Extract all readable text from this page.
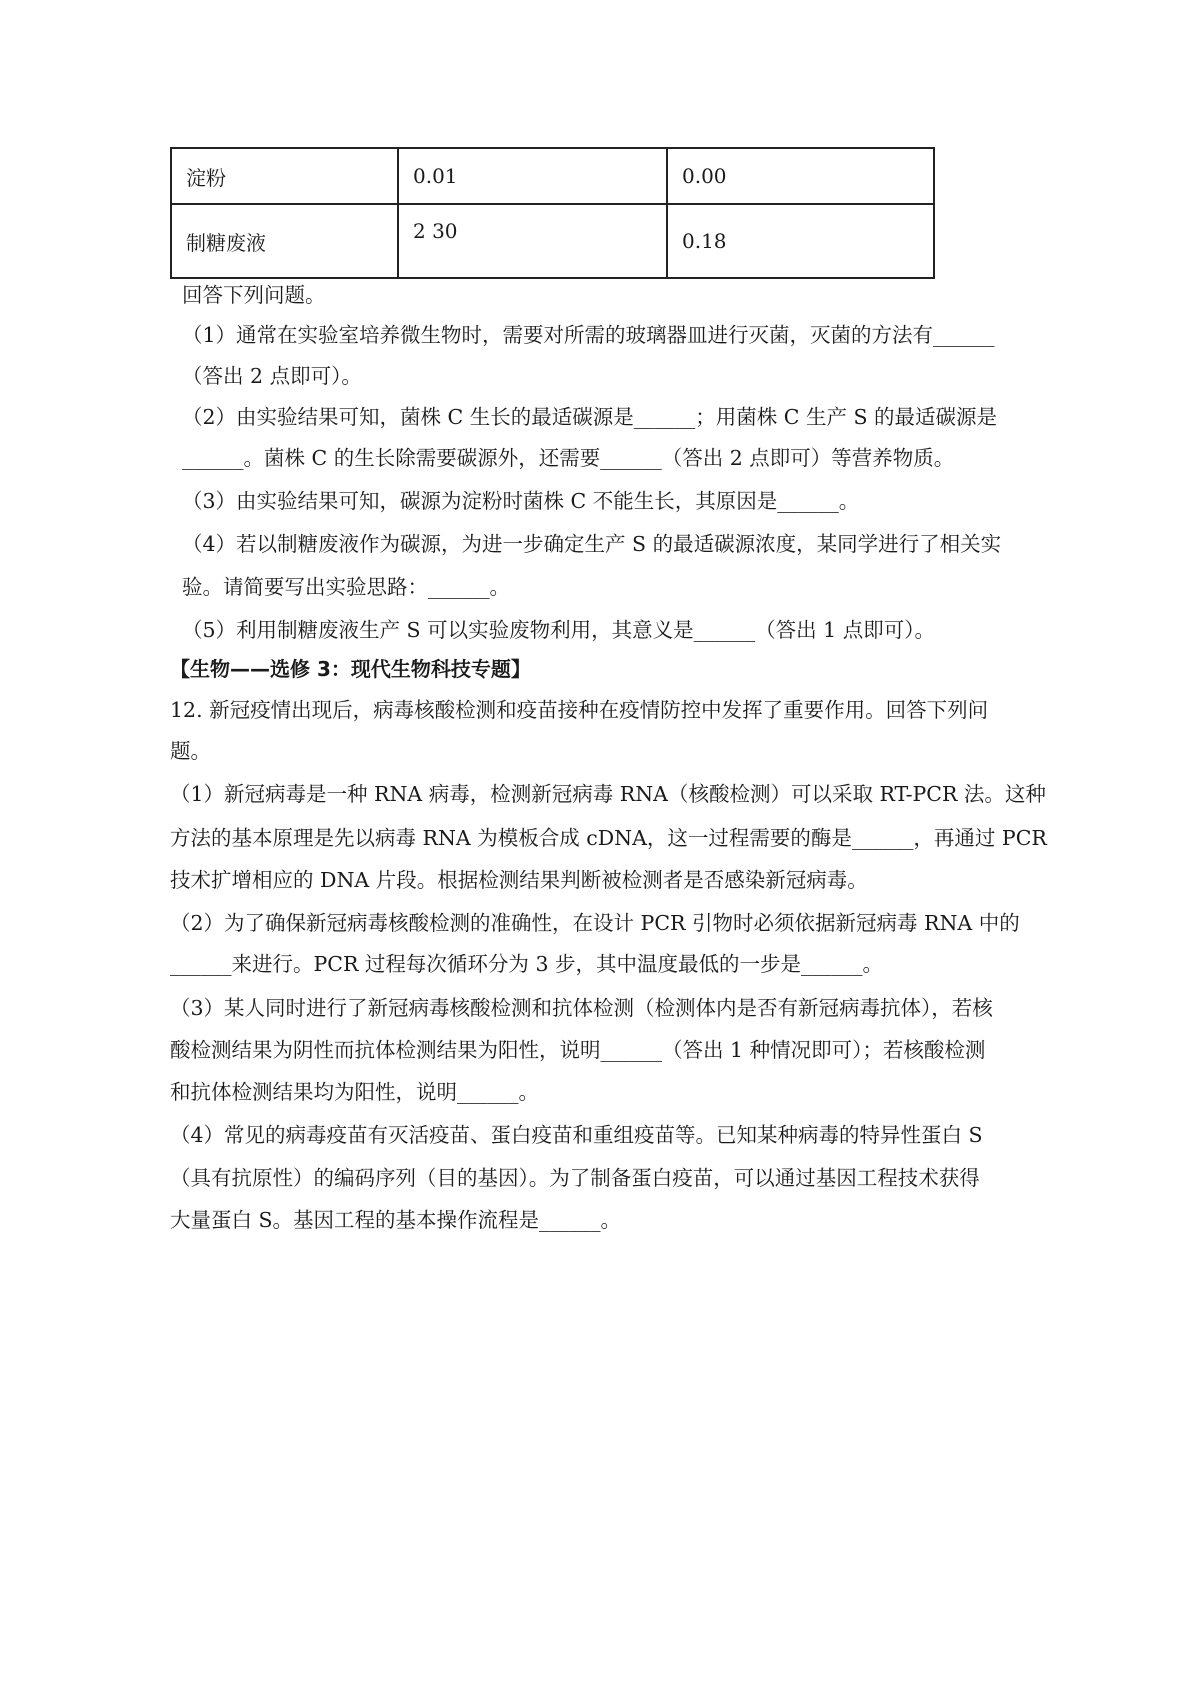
淀粉	0.01	0.00
制糖废液	2 30	0.18
回答下列问题。
（1）通常在实验室培养微生物时，需要对所需的玻璃器皿进行灭菌，灭菌的方法有______
（答出 2 点即可）。
（2）由实验结果可知，菌株 C 生长的最适碳源是______；用菌株 C 生产 S 的最适碳源是
______。菌株 C 的生长除需要碳源外，还需要______（答出 2 点即可）等营养物质。
（3）由实验结果可知，碳源为淀粉时菌株 C 不能生长，其原因是______。
（4）若以制糖废液作为碳源，为进一步确定生产 S 的最适碳源浓度，某同学进行了相关实
验。请简要写出实验思路：______。
（5）利用制糖废液生产 S 可以实验废物利用，其意义是______（答出 1 点即可）。
【生物——选修 3：现代生物科技专题】
12. 新冠疫情出现后，病毒核酸检测和疫苗接种在疫情防控中发挥了重要作用。回答下列问
题。
（1）新冠病毒是一种 RNA 病毒，检测新冠病毒 RNA（核酸检测）可以采取 RT-PCR 法。这种
方法的基本原理是先以病毒 RNA 为模板合成 cDNA，这一过程需要的酶是______，再通过 PCR
技术扩增相应的 DNA 片段。根据检测结果判断被检测者是否感染新冠病毒。
（2）为了确保新冠病毒核酸检测的准确性，在设计 PCR 引物时必须依据新冠病毒 RNA 中的
______来进行。PCR 过程每次循环分为 3 步，其中温度最低的一步是______。
（3）某人同时进行了新冠病毒核酸检测和抗体检测（检测体内是否有新冠病毒抗体），若核
酸检测结果为阴性而抗体检测结果为阳性，说明______（答出 1 种情况即可）；若核酸检测
和抗体检测结果均为阳性，说明______。
（4）常见的病毒疫苗有灭活疫苗、蛋白疫苗和重组疫苗等。已知某种病毒的特异性蛋白 S
（具有抗原性）的编码序列（目的基因）。为了制备蛋白疫苗，可以通过基因工程技术获得
大量蛋白 S。基因工程的基本操作流程是______。
